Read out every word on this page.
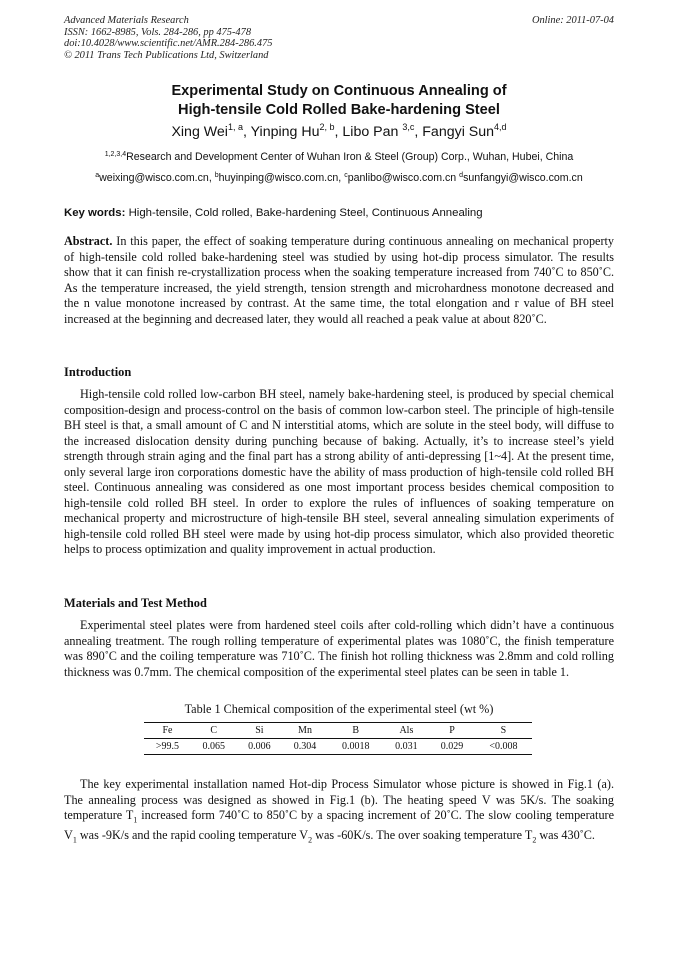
Advanced Materials Research
ISSN: 1662-8985, Vols. 284-286, pp 475-478
doi:10.4028/www.scientific.net/AMR.284-286.475
© 2011 Trans Tech Publications Ltd, Switzerland
Online: 2011-07-04
Experimental Study on Continuous Annealing of
High-tensile Cold Rolled Bake-hardening Steel
Xing Wei$^{1, a}$, Yinping Hu$^{2, b}$, Libo Pan $^{3,c}$, Fangyi Sun$^{4,d}$
$^{1,2,3,4}$Research and Development Center of Wuhan Iron & Steel (Group) Corp., Wuhan, Hubei, China
$^a$weixing@wisco.com.cn, $^b$huyinping@wisco.com.cn, $^c$panlibo@wisco.com.cn $^d$sunfangyi@wisco.com.cn
Key words: High-tensile, Cold rolled, Bake-hardening Steel, Continuous Annealing

Abstract. In this paper, the effect of soaking temperature during continuous annealing on mechanical property of high-tensile cold rolled bake-hardening steel was studied by using hot-dip process simulator. The results show that it can finish re-crystallization process when the soaking temperature increased from 740˚C to 850˚C. As the temperature increased, the yield strength, tension strength and microhardness monotone decreased and the n value monotone increased by contrast. At the same time, the total elongation and r value of BH steel increased at the beginning and decreased later, they would all reached a peak value at about 820˚C.

Introduction

High-tensile cold rolled low-carbon BH steel, namely bake-hardening steel, is produced by special chemical composition-design and process-control on the basis of common low-carbon steel. The principle of high-tensile BH steel is that, a small amount of C and N interstitial atoms, which are solute in the steel body, will diffuse to the increased dislocation density during punching because of baking. Actually, it’s to increase steel’s yield strength through strain aging and the final part has a strong ability of anti-depressing [1~4]. At the present time, only several large iron corporations domestic have the ability of mass production of high-tensile cold rolled BH steel. Continuous annealing was considered as one most important process besides chemical composition to high-tensile cold rolled BH steel. In order to explore the rules of influences of soaking temperature on mechanical property and microstructure of high-tensile BH steel, several annealing simulation experiments of high-tensile cold rolled BH steel were made by using hot-dip process simulator, which also provided theoretic helps to process optimization and quality improvement in actual production.

Materials and Test Method

Experimental steel plates were from hardened steel coils after cold-rolling which didn’t have a continuous annealing treatment. The rough rolling temperature of experimental plates was 1080˚C, the finish temperature was 890˚C and the coiling temperature was 710˚C. The finish hot rolling thickness was 2.8mm and cold rolling thickness was 0.7mm. The chemical composition of the experimental steel plates can be seen in table 1.

Table 1 Chemical composition of the experimental steel (wt %)
Fe	C	Si	Mn	B	Als	P	S
>99.5	0.065	0.006	0.304	0.0018	0.031	0.029	<0.008

The key experimental installation named Hot-dip Process Simulator whose picture is showed in Fig.1 (a). The annealing process was designed as showed in Fig.1 (b). The heating speed V was 5K/s. The soaking temperature $T_1$ increased form 740˚C to 850˚C by a spacing increment of 20˚C. The slow cooling temperature $V_1$ was -9K/s and the rapid cooling temperature $V_2$ was -60K/s. The over soaking temperature $T_2$ was 430˚C.
